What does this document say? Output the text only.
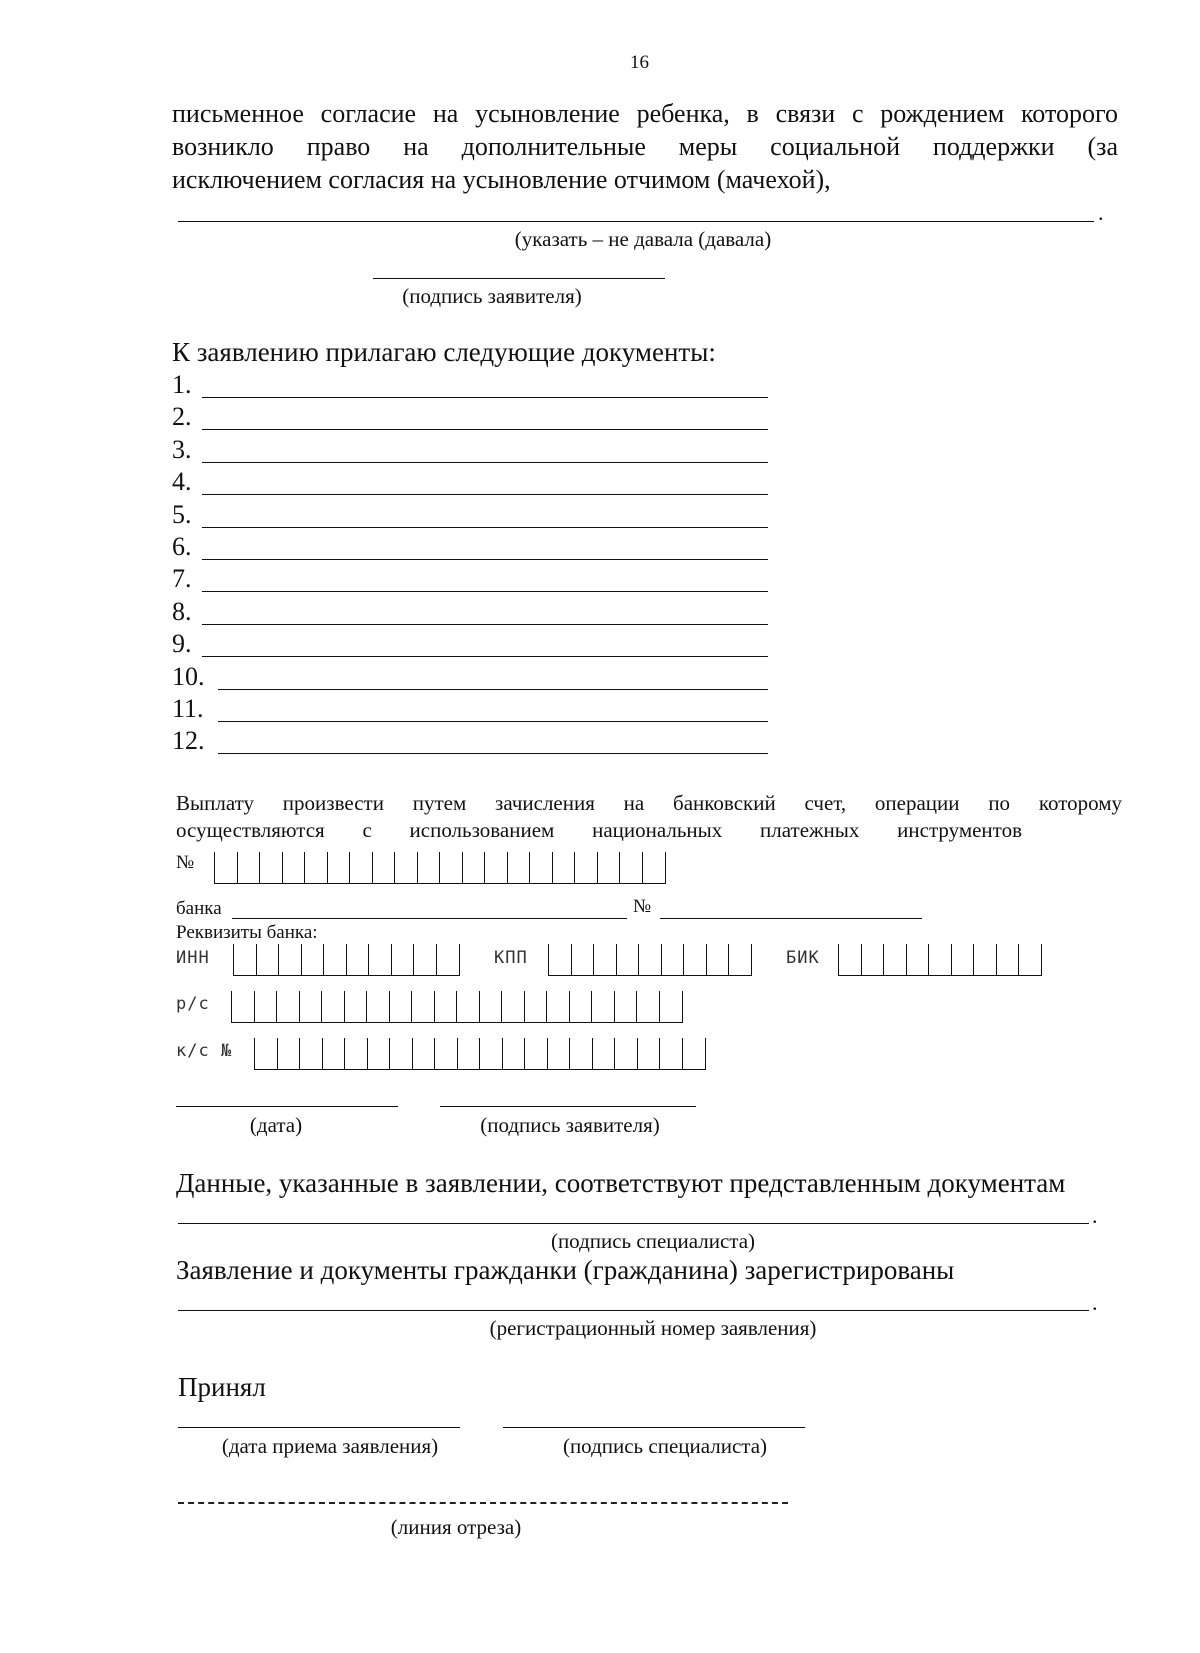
16
письменное согласие на усыновление ребенка, в связи с рождением которого
возникло право на дополнительные меры социальной поддержки (за
исключением согласия на усыновление отчимом (мачехой),
.
(указать – не давала (давала)
(подпись заявителя)
К заявлению прилагаю следующие документы:
1.
2.
3.
4.
5.
6.
7.
8.
9.
10.
11.
12.
Выплату произвести путем зачисления на банковский счет, операции по которому
осуществляются с использованием национальных платежных инструментов
№
банка	№
Реквизиты банка:
ИНН	КПП	БИК
р/с
к/с №
(дата)	(подпись заявителя)
Данные, указанные в заявлении, соответствуют представленным документам
.
(подпись специалиста)
Заявление и документы гражданки (гражданина) зарегистрированы
.
(регистрационный номер заявления)
Принял
(дата приема заявления)	(подпись специалиста)
(линия отреза)
